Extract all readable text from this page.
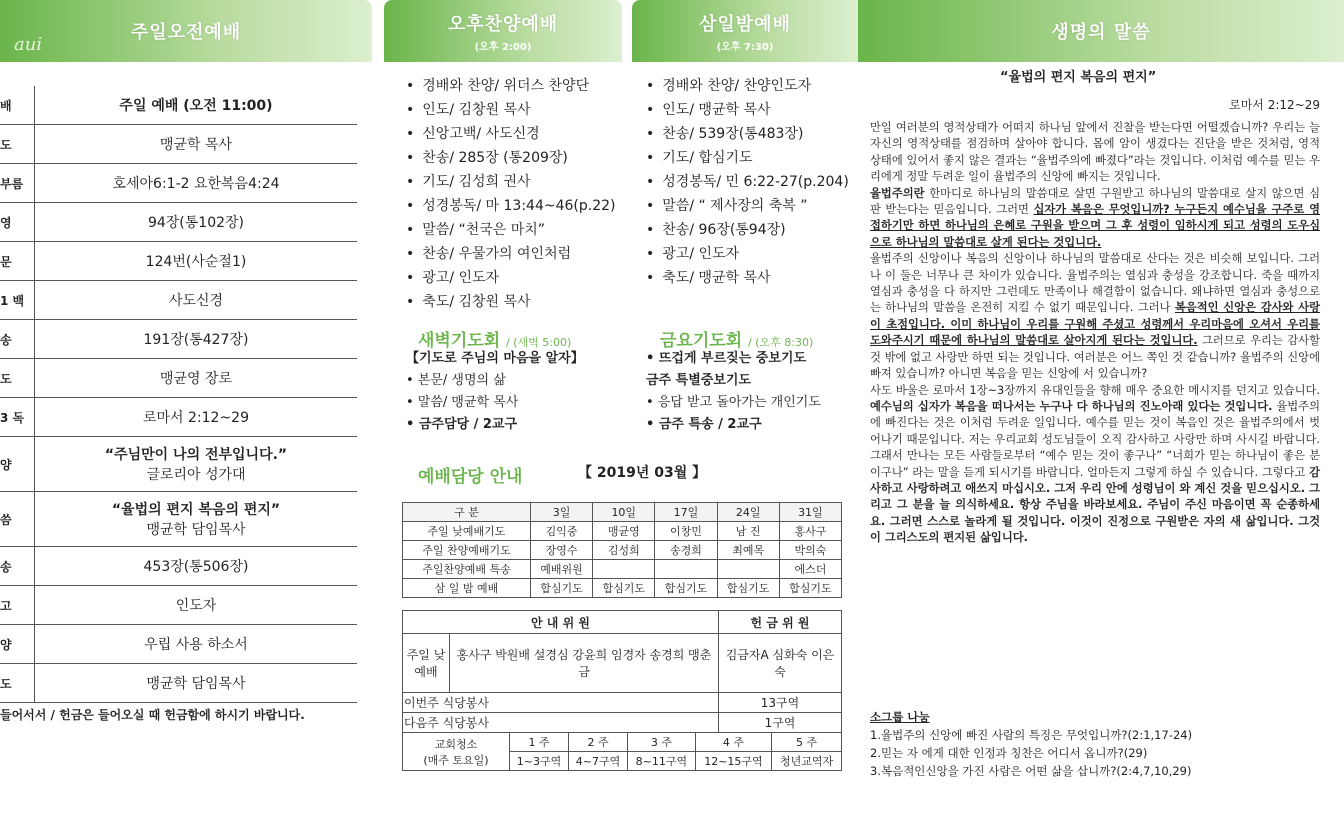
주일오전예배
aui
오후찬양예배
(오후 2:00)
삼일밤예배
(오후 7:30)
생명의 말씀
배	주일 예배 (오전 11:00)
도	맹균학 목사
부름	호세아6:1-2 요한복음4:24
영	94장(통102장)
문	124번(사순절1)
1 백	사도신경
송	191장(통427장)
도	맹균영 장로
3 독	로마서 2:12~29
양	“주님만이 나의 전부입니다.”
글로리아 성가대

씀	“율법의 편지 복음의 편지”
맹균학 담임목사

송	453장(통506장)
고	인도자
양	우립 사용 하소서
도	맹균학 담임목사
들어서서 / 헌금은 들어오실 때 헌금함에 하시기 바랍니다.
• 경배와 찬양/ 위더스 찬양단
• 인도/ 김창원 목사
• 신앙고백/ 사도신경
• 찬송/ 285장 (통209장)
• 기도/ 김성희 권사
• 성경봉독/ 마 13:44~46(p.22)
• 말씀/ “천국은 마치”
• 찬송/ 우물가의 여인처럼
• 광고/ 인도자
• 축도/ 김창원 목사
• 경배와 찬양/ 찬양인도자
• 인도/ 맹균학 목사
• 찬송/ 539장(통483장)
• 기도/ 합심기도
• 성경봉독/ 민 6:22-27(p.204)
• 말씀/ “ 제사장의 축복 ”
• 찬송/ 96장(통94장)
• 광고/ 인도자
• 축도/ 맹균학 목사
새벽기도회 / (새벽 5:00)
【기도로 주님의 마음을 알자】
• 본문/ 생명의 삶
• 말씀/ 맹균학 목사
• 금주담당 / 2교구
금요기도회 / (오후 8:30)
• 뜨겁게 부르짖는 중보기도
금주 특별중보기도
• 응답 받고 돌아가는 개인기도
• 금주 특송 / 2교구
예배담당 안내	【 2019년 03월 】
구 분	3일	10일	17일	24일	31일
주일 낮예배기도	김익중	맹균영	이창민	남 진	홍사구
주일 찬양예배기도	장영수	김성희	송경희	최예목	박의숙
주일찬양예배 특송	예배위원				에스더
삼 일 밤 예배	합심기도	합심기도	합심기도	합심기도	합심기도
안 내 위 원		헌 금 위 원
주일 낮예배	홍사구 박원배 설경심 강윤희 임경자 송경희 맹춘금	김금자A 심화숙 이은숙
이번주 식당봉사		13구역
다음주 식당봉사		1구역
교회청소
(매주 토요일)	1 주	2 주	3 주	4 주	5 주
	1~3구역	4~7구역	8~11구역	12~15구역	청년교역자
“율법의 편지 복음의 편지”
로마서 2:12~29

만일 여러분의 영적상태가 어떠지 하나님 앞에서 진찰을 받는다면 어떨겠습니까? 우리는 늘 자신의 영적상태를 점검하며 살아야 합니다. 몸에 암이 생겼다는 진단을 받은 것처럼, 영적상태에 있어서 좋지 않은 결과는 “율법주의에 빠졌다”라는 것입니다. 이처럼 예수를 믿는 우리에게 정말 두려운 일이 율법주의 신앙에 빠지는 것입니다.

율법주의란 한마디로 하나님의 말씀대로 살면 구원받고 하나님의 말씀대로 살지 않으면 심판 받는다는 믿음입니다. 그러면 십자가 복음은 무엇입니까? 누구든지 예수님을 구주로 영접하기만 하면 하나님의 은혜로 구원을 받으며 그 후 성령이 임하시게 되고 성령의 도우심으로 하나님의 말씀대로 살게 된다는 것입니다.

율법주의 신앙이나 복음의 신앙이나 하나님의 말씀대로 산다는 것은 비슷해 보입니다. 그러나 이 둘은 너무나 큰 차이가 있습니다. 율법주의는 열심과 충성을 강조합니다. 죽을 때까지 열심과 충성을 다 하지만 그런데도 만족이나 해결함이 없습니다. 왜냐하면 열심과 충성으로는 하나님의 말씀을 온전히 지킬 수 없기 때문입니다. 그러나 복음적인 신앙은 감사와 사랑이 초점입니다. 이미 하나님이 우리를 구원해 주셨고 성령께서 우리마음에 오셔서 우리를 도와주시기 때문에 하나님의 말씀대로 살아지게 된다는 것입니다. 그러므로 우리는 감사할 것 밖에 없고 사랑만 하면 되는 것입니다. 여러분은 어느 쪽인 것 같습니까? 율법주의 신앙에 빠져 있습니까? 아니면 복음을 믿는 신앙에 서 있습니까?

사도 바울은 로마서 1장~3장까지 유대인들을 향해 매우 중요한 메시지를 던지고 있습니다. 예수님의 십자가 복음을 떠나서는 누구나 다 하나님의 진노아래 있다는 것입니다. 율법주의에 빠진다는 것은 이처럼 두려운 일입니다. 예수를 믿는 것이 복음인 것은 율법주의에서 벗어나기 때문입니다. 저는 우리교회 성도님들이 오직 감사하고 사랑만 하며 사시길 바랍니다. 그래서 만나는 모든 사람들로부터 “예수 믿는 것이 좋구나” “너희가 믿는 하나님이 좋은 분이구나” 라는 말을 듣게 되시기를 바랍니다. 얼마든지 그렇게 하실 수 있습니다. 그렇다고 감사하고 사랑하려고 애쓰지 마십시오. 그저 우리 안에 성령님이 와 계신 것을 믿으십시오. 그리고 그 분을 늘 의식하세요. 항상 주님을 바라보세요. 주님이 주신 마음이면 꼭 순종하세요. 그러면 스스로 놀라게 될 것입니다. 이것이 진정으로 구원받은 자의 새 삶입니다. 그것이 그리스도의 편지된 삶입니다.

소그룹 나눔
1.율법주의 신앙에 빠진 사람의 특징은 무엇입니까?(2:1,17-24)
2.믿는 자 에게 대한 인정과 칭찬은 어디서 옵니까?(29)
3.복음적인신앙을 가진 사람은 어떤 삶을 삽니까?(2:4,7,10,29)
